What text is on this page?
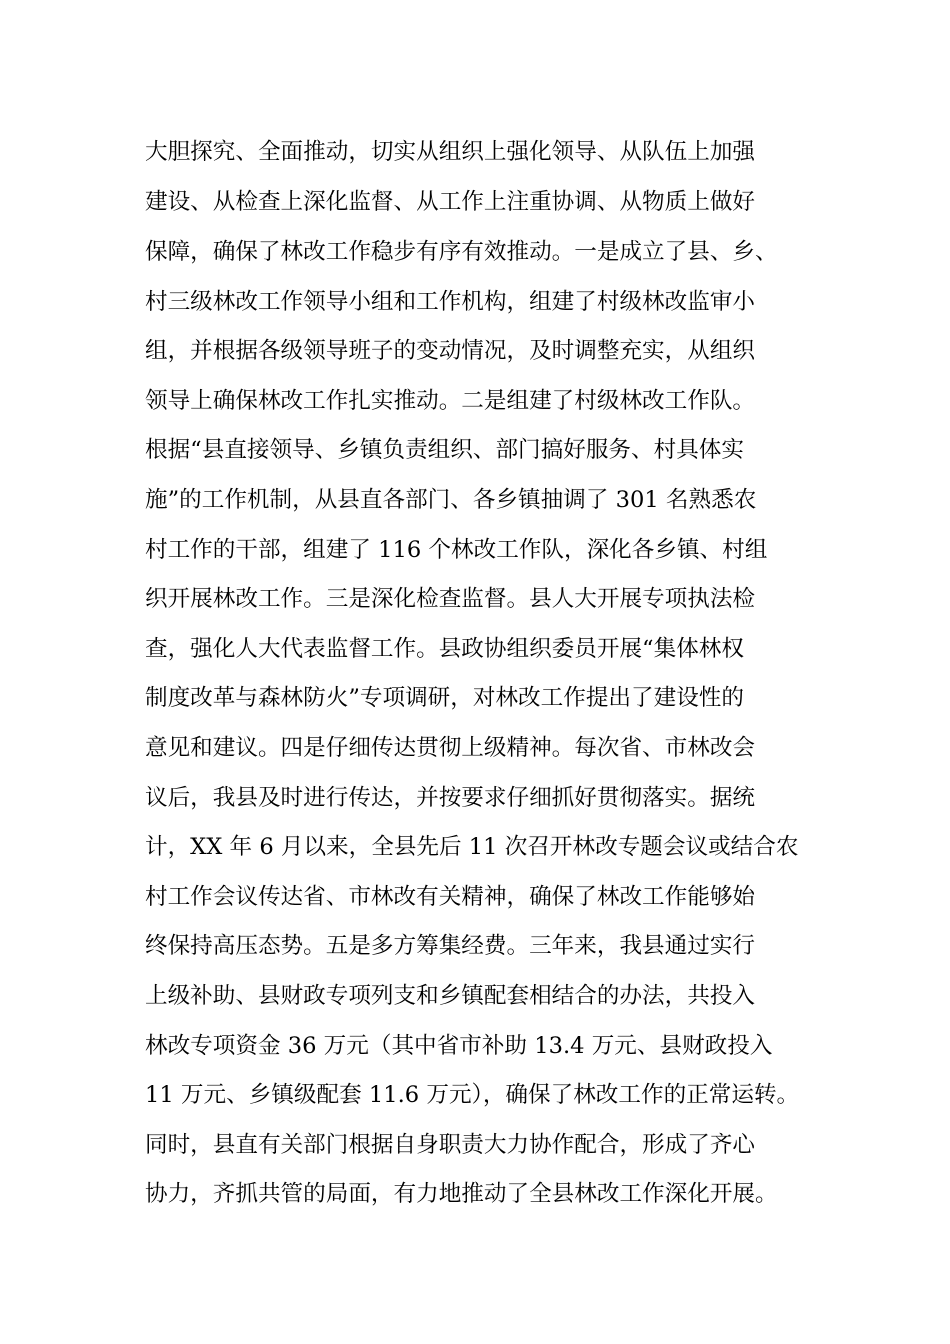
大胆探究、全面推动，切实从组织上强化领导、从队伍上加强
建设、从检查上深化监督、从工作上注重协调、从物质上做好
保障，确保了林改工作稳步有序有效推动。一是成立了县、乡、
村三级林改工作领导小组和工作机构，组建了村级林改监审小
组，并根据各级领导班子的变动情况，及时调整充实，从组织
领导上确保林改工作扎实推动。二是组建了村级林改工作队。
根据“县直接领导、乡镇负责组织、部门搞好服务、村具体实
施”的工作机制，从县直各部门、各乡镇抽调了 301 名熟悉农
村工作的干部，组建了 116 个林改工作队，深化各乡镇、村组
织开展林改工作。三是深化检查监督。县人大开展专项执法检
查，强化人大代表监督工作。县政协组织委员开展“集体林权
制度改革与森林防火”专项调研，对林改工作提出了建设性的
意见和建议。四是仔细传达贯彻上级精神。每次省、市林改会
议后，我县及时进行传达，并按要求仔细抓好贯彻落实。据统
计，XX 年 6 月以来，全县先后 11 次召开林改专题会议或结合农
村工作会议传达省、市林改有关精神，确保了林改工作能够始
终保持高压态势。五是多方筹集经费。三年来，我县通过实行
上级补助、县财政专项列支和乡镇配套相结合的办法，共投入
林改专项资金 36 万元（其中省市补助 13.4 万元、县财政投入
11 万元、乡镇级配套 11.6 万元），确保了林改工作的正常运转。
同时，县直有关部门根据自身职责大力协作配合，形成了齐心
协力，齐抓共管的局面，有力地推动了全县林改工作深化开展。
